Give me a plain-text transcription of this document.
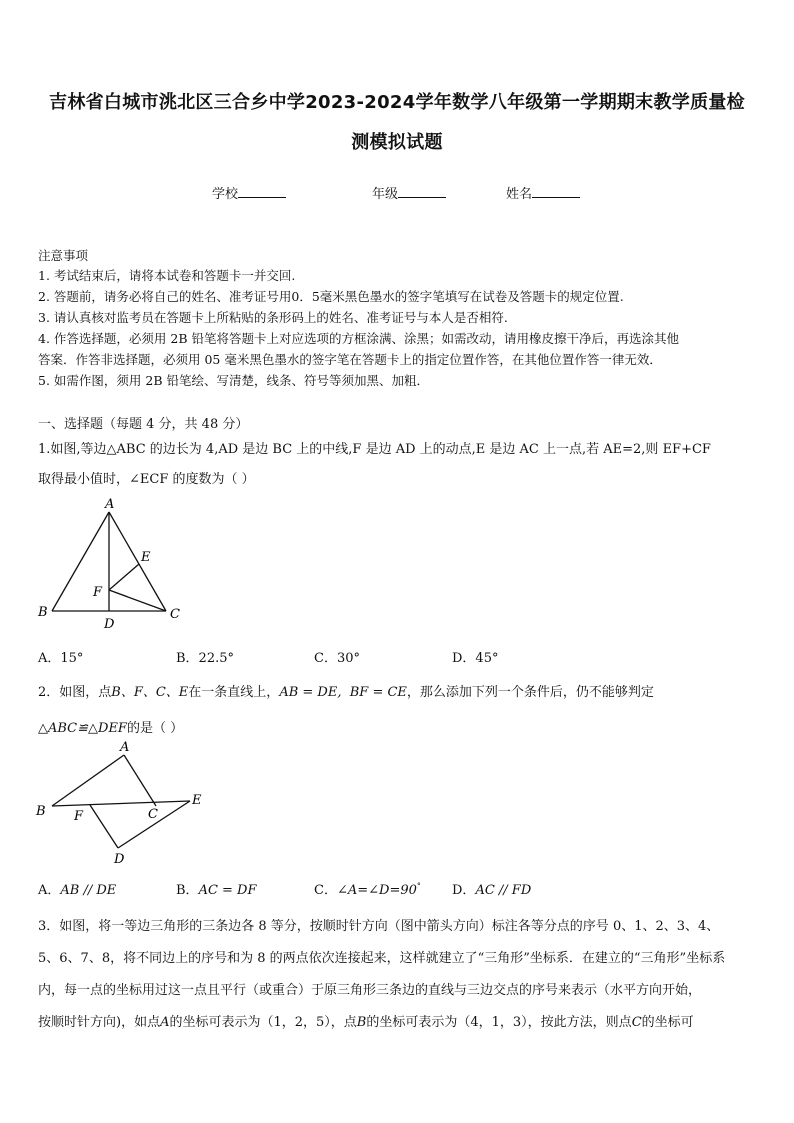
吉林省白城市洮北区三合乡中学2023-2024学年数学八年级第一学期期末教学质量检
测模拟试题
学校	年级	姓名
注意事项
1. 考试结束后，请将本试卷和答题卡一并交回.
2. 答题前，请务必将自己的姓名、准考证号用0．5毫米黑色墨水的签字笔填写在试卷及答题卡的规定位置.
3. 请认真核对监考员在答题卡上所粘贴的条形码上的姓名、准考证号与本人是否相符.
4. 作答选择题，必须用 2B 铅笔将答题卡上对应选项的方框涂满、涂黑；如需改动，请用橡皮擦干净后，再选涂其他
答案．作答非选择题，必须用 05 毫米黑色墨水的签字笔在答题卡上的指定位置作答，在其他位置作答一律无效．
5. 如需作图，须用 2B 铅笔绘、写清楚，线条、符号等须加黑、加粗．
一、选择题（每题 4 分，共 48 分）
1.如图,等边△ABC 的边长为 4,AD 是边 BC 上的中线,F 是边 AD 上的动点,E 是边 AC 上一点,若 AE=2,则 EF+CF
取得最小值时，∠ECF 的度数为（ ）
A
B	C
D
E
F
A．15°	B．22.5°	C．30°	D．45°
2．如图，点B、F、C、E在一条直线上，AB = DE, BF = CE，那么添加下列一个条件后，仍不能够判定
△ABC≌△DEF的是（ ）
A
B	C
D
E
F
A．AB // DE	B．AC = DF	C．∠A=∠D=90° D．AC // FD
3．如图，将一等边三角形的三条边各 8 等分，按顺时针方向（图中箭头方向）标注各等分点的序号 0、1、2、3、4、
5、6、7、8，将不同边上的序号和为 8 的两点依次连接起来，这样就建立了“三角形”坐标系．在建立的“三角形”坐标系
内，每一点的坐标用过这一点且平行（或重合）于原三角形三条边的直线与三边交点的序号来表示（水平方向开始，
按顺时针方向)，如点A的坐标可表示为（1，2，5），点B的坐标可表示为（4，1，3），按此方法，则点C的坐标可
